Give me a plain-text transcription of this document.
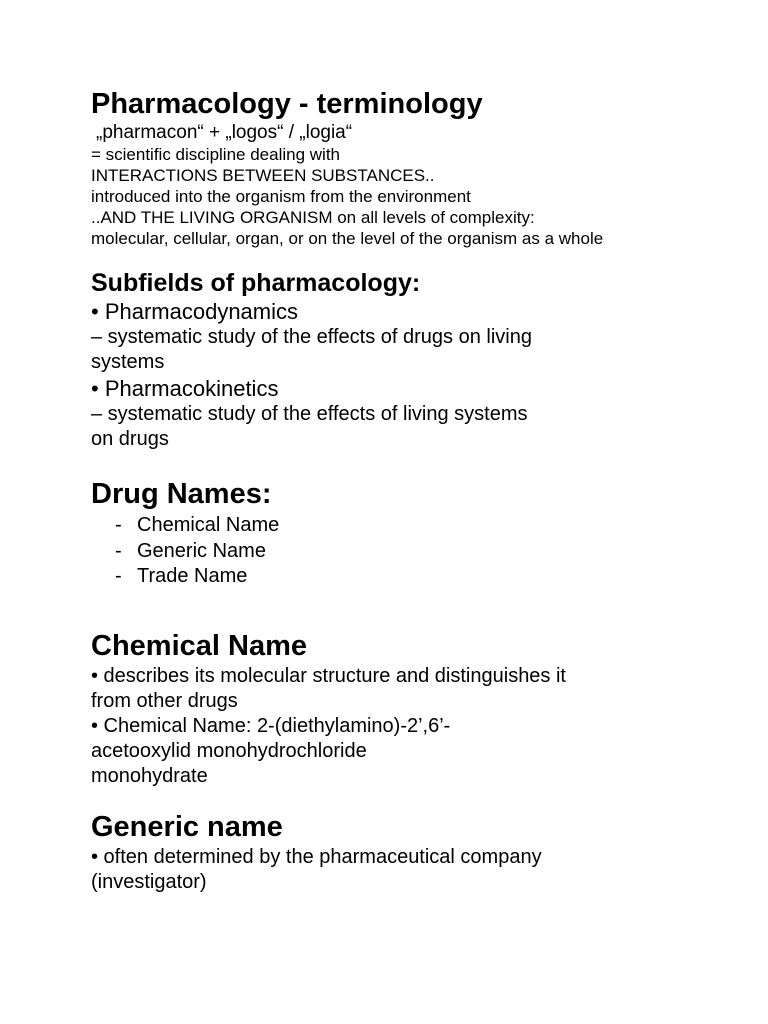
Pharmacology - terminology

„pharmacon“ + „logos“ / „logia“

= scientific discipline dealing with

INTERACTIONS BETWEEN SUBSTANCES..

introduced into the organism from the environment

..AND THE LIVING ORGANISM on all levels of complexity:

molecular, cellular, organ, or on the level of the organism as a whole

Subfields of pharmacology:

• Pharmacodynamics

– systematic study of the effects of drugs on living

systems

• Pharmacokinetics

– systematic study of the effects of living systems

on drugs

Drug Names:
- Chemical Name
- Generic Name
- Trade Name
Chemical Name

• describes its molecular structure and distinguishes it

from other drugs

• Chemical Name: 2-(diethylamino)-2’,6’-

acetooxylid monohydrochloride

monohydrate

Generic name

• often determined by the pharmaceutical company

(investigator)
